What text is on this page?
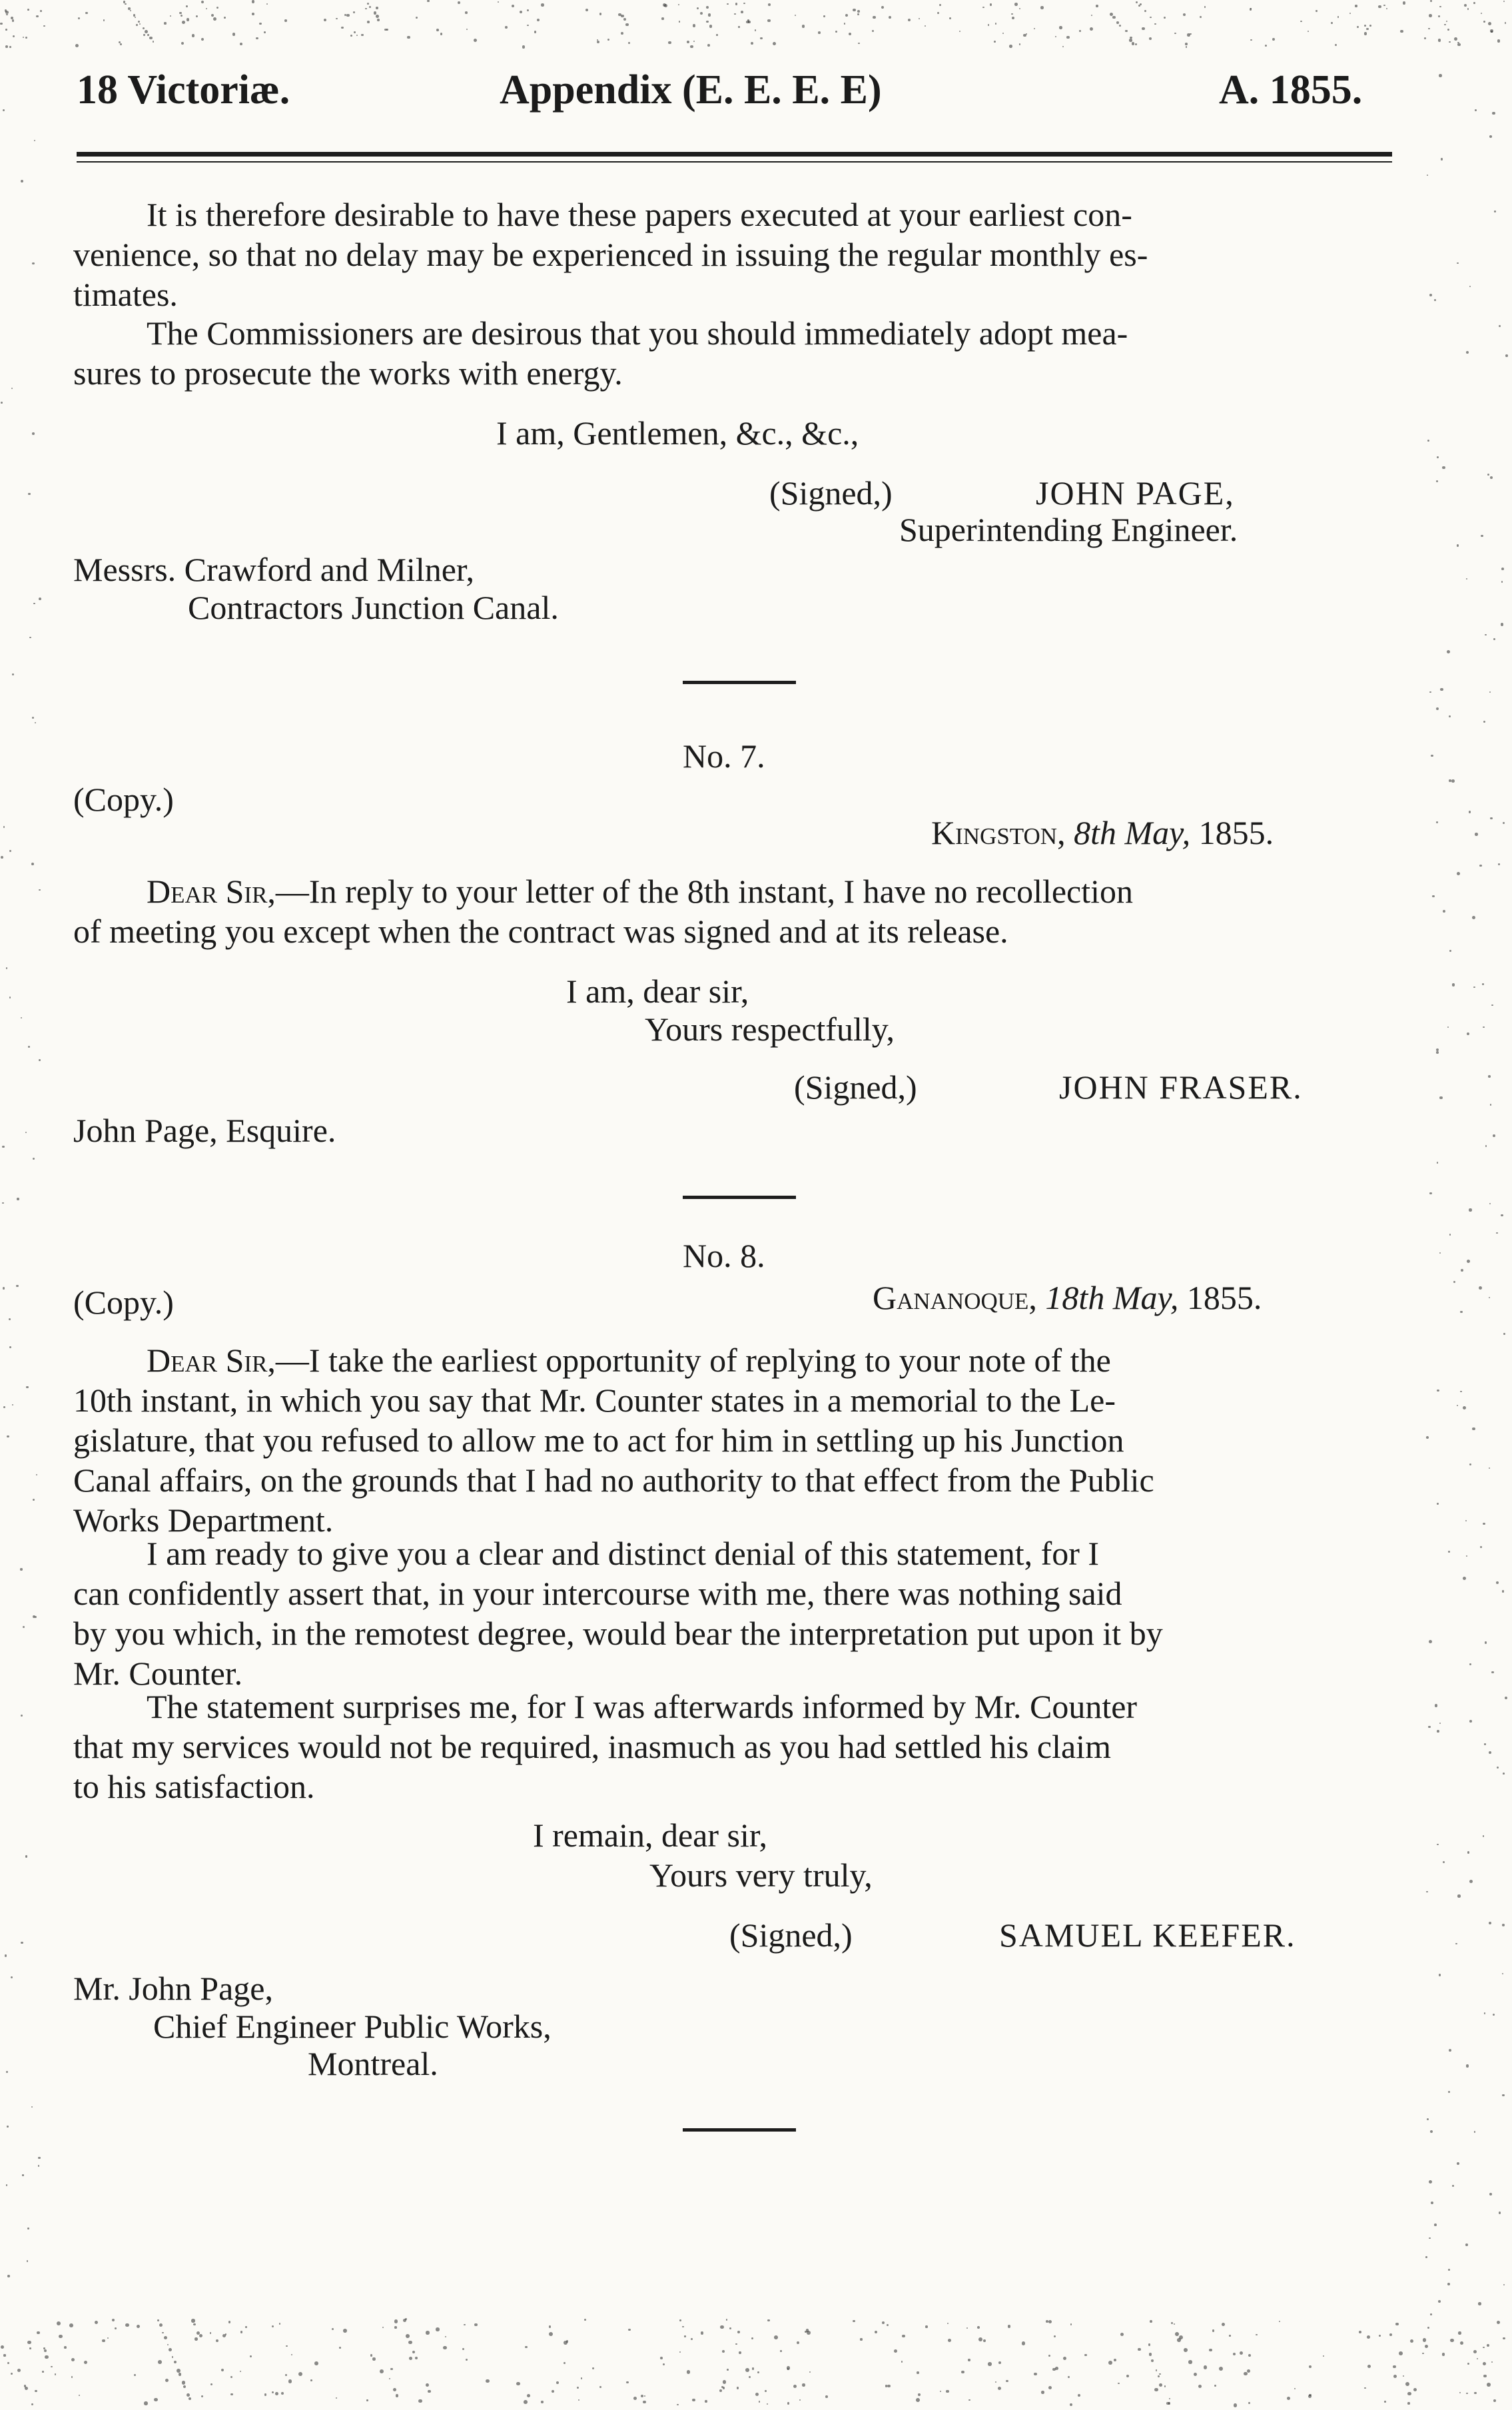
18 Victoriæ.	Appendix (E. E. E. E)	A. 1855.
It is therefore desirable to have these papers executed at your earliest con-
venience, so that no delay may be experienced in issuing the regular monthly es-
timates.
The Commissioners are desirous that you should immediately adopt mea-
sures to prosecute the works with energy.
I am, Gentlemen, &c., &c.,
(Signed,)	JOHN PAGE,
Superintending Engineer.
Messrs. Crawford and Milner,
Contractors Junction Canal.
No. 7.
(Copy.)
Kingston, 8th May, 1855.
Dear Sir,—In reply to your letter of the 8th instant, I have no recollection
of meeting you except when the contract was signed and at its release.
I am, dear sir,
Yours respectfully,
(Signed,)	JOHN FRASER.
John Page, Esquire.
No. 8.
(Copy.)	Gananoque, 18th May, 1855.
Dear Sir,—I take the earliest opportunity of replying to your note of the
10th instant, in which you say that Mr. Counter states in a memorial to the Le-
gislature, that you refused to allow me to act for him in settling up his Junction
Canal affairs, on the grounds that I had no authority to that effect from the Public
Works Department.
I am ready to give you a clear and distinct denial of this statement, for I
can confidently assert that, in your intercourse with me, there was nothing said
by you which, in the remotest degree, would bear the interpretation put upon it by
Mr. Counter.
The statement surprises me, for I was afterwards informed by Mr. Counter
that my services would not be required, inasmuch as you had settled his claim
to his satisfaction.
I remain, dear sir,
Yours very truly,
(Signed,)	SAMUEL KEEFER.
Mr. John Page,
Chief Engineer Public Works,
Montreal.
